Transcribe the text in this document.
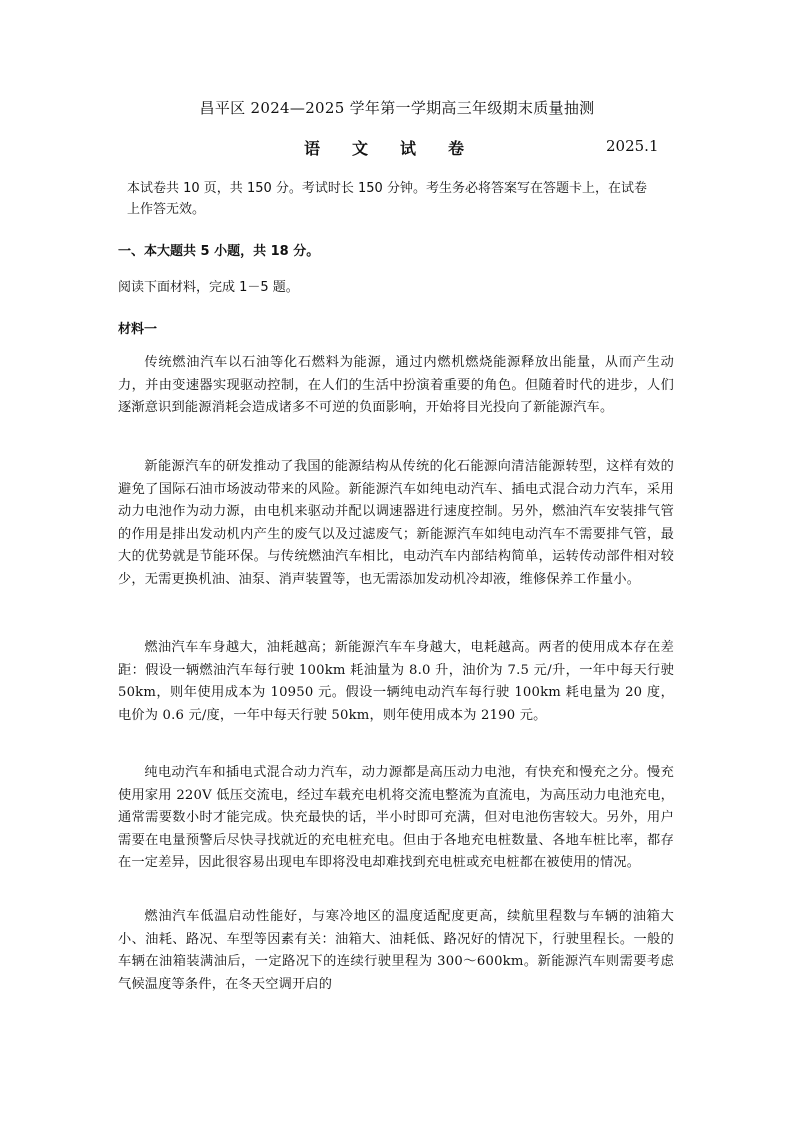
昌平区 2024—2025 学年第一学期高三年级期末质量抽测
语 文 试 卷	2025.1
本试卷共 10 页，共 150 分。考试时长 150 分钟。考生务必将答案写在答题卡上，在试卷
上作答无效。
一、本大题共 5 小题，共 18 分。
阅读下面材料，完成 1－5 题。
材料一

传统燃油汽车以石油等化石燃料为能源，通过内燃机燃烧能源释放出能量，从而产生动力，并由变速器实现驱动控制，在人们的生活中扮演着重要的角色。但随着时代的进步，人们逐渐意识到能源消耗会造成诸多不可逆的负面影响，开始将目光投向了新能源汽车。

新能源汽车的研发推动了我国的能源结构从传统的化石能源向清洁能源转型，这样有效的避免了国际石油市场波动带来的风险。新能源汽车如纯电动汽车、插电式混合动力汽车，采用动力电池作为动力源，由电机来驱动并配以调速器进行速度控制。另外，燃油汽车安装排气管的作用是排出发动机内产生的废气以及过滤废气；新能源汽车如纯电动汽车不需要排气管，最大的优势就是节能环保。与传统燃油汽车相比，电动汽车内部结构简单，运转传动部件相对较少，无需更换机油、油泵、消声装置等，也无需添加发动机冷却液，维修保养工作量小。

燃油汽车车身越大，油耗越高；新能源汽车车身越大，电耗越高。两者的使用成本存在差距：假设一辆燃油汽车每行驶 100km 耗油量为 8.0 升，油价为 7.5 元/升，一年中每天行驶 50km，则年使用成本为 10950 元。假设一辆纯电动汽车每行驶 100km 耗电量为 20 度，电价为 0.6 元/度，一年中每天行驶 50km，则年使用成本为 2190 元。

纯电动汽车和插电式混合动力汽车，动力源都是高压动力电池，有快充和慢充之分。慢充使用家用 220V 低压交流电，经过车载充电机将交流电整流为直流电，为高压动力电池充电，通常需要数小时才能完成。快充最快的话，半小时即可充满，但对电池伤害较大。另外，用户需要在电量预警后尽快寻找就近的充电桩充电。但由于各地充电桩数量、各地车桩比率，都存在一定差异，因此很容易出现电车即将没电却难找到充电桩或充电桩都在被使用的情况。

燃油汽车低温启动性能好，与寒冷地区的温度适配度更高，续航里程数与车辆的油箱大小、油耗、路况、车型等因素有关：油箱大、油耗低、路况好的情况下，行驶里程长。一般的车辆在油箱装满油后，一定路况下的连续行驶里程为 300～600km。新能源汽车则需要考虑气候温度等条件，在冬天空调开启的
